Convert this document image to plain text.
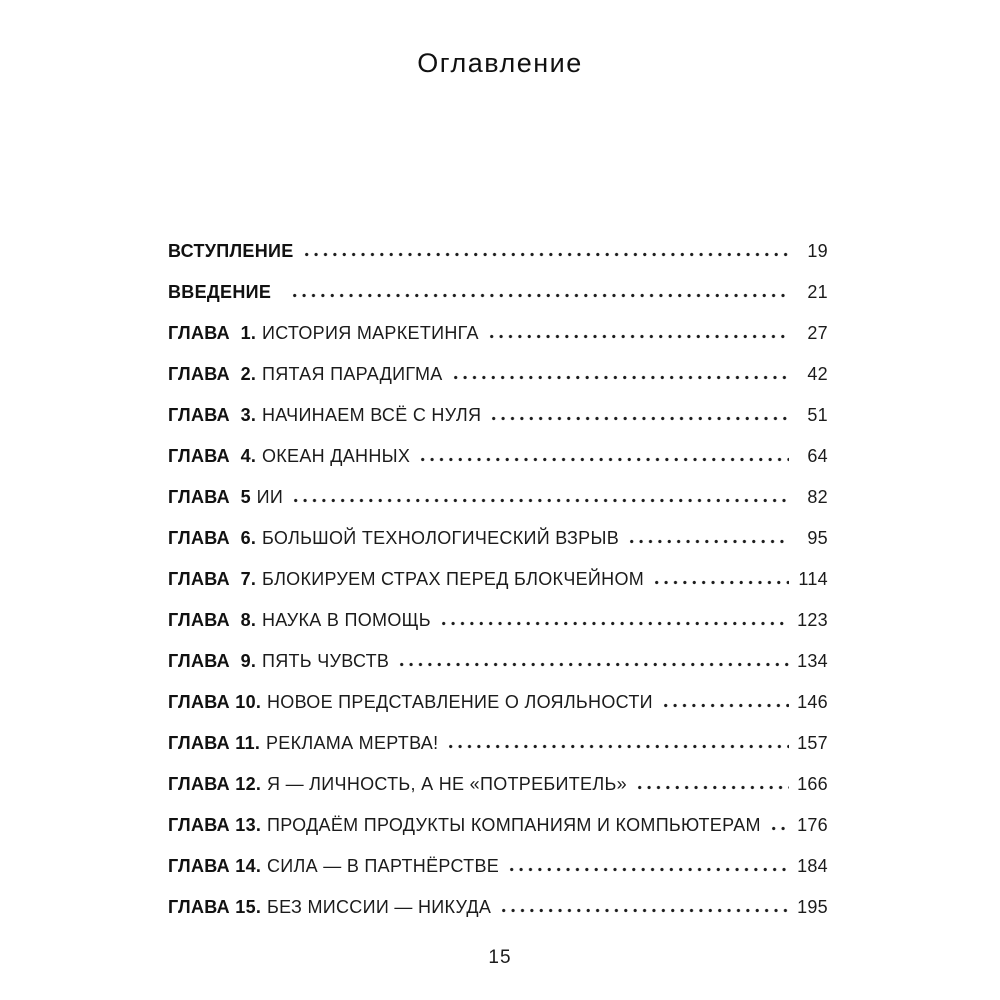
Оглавление
ВСТУПЛЕНИЕ	19
ВВЕДЕНИЕ	21
ГЛАВА  1. ИСТОРИЯ МАРКЕТИНГА	27
ГЛАВА  2. ПЯТАЯ ПАРАДИГМА	42
ГЛАВА  3. НАЧИНАЕМ ВСЁ С НУЛЯ	51
ГЛАВА  4. ОКЕАН ДАННЫХ	64
ГЛАВА  5 ИИ	82
ГЛАВА  6. БОЛЬШОЙ ТЕХНОЛОГИЧЕСКИЙ ВЗРЫВ	95
ГЛАВА  7. БЛОКИРУЕМ СТРАХ ПЕРЕД БЛОКЧЕЙНОМ	114
ГЛАВА  8. НАУКА В ПОМОЩЬ	123
ГЛАВА  9. ПЯТЬ ЧУВСТВ	134
ГЛАВА 10. НОВОЕ ПРЕДСТАВЛЕНИЕ О ЛОЯЛЬНОСТИ	146
ГЛАВА 11. РЕКЛАМА МЕРТВА!	157
ГЛАВА 12. Я — ЛИЧНОСТЬ, А НЕ «ПОТРЕБИТЕЛЬ»	166
ГЛАВА 13. ПРОДАЁМ ПРОДУКТЫ КОМПАНИЯМ И КОМПЬЮТЕРАМ 176
ГЛАВА 14. СИЛА — В ПАРТНЁРСТВЕ	184
ГЛАВА 15. БЕЗ МИССИИ — НИКУДА	195
15
